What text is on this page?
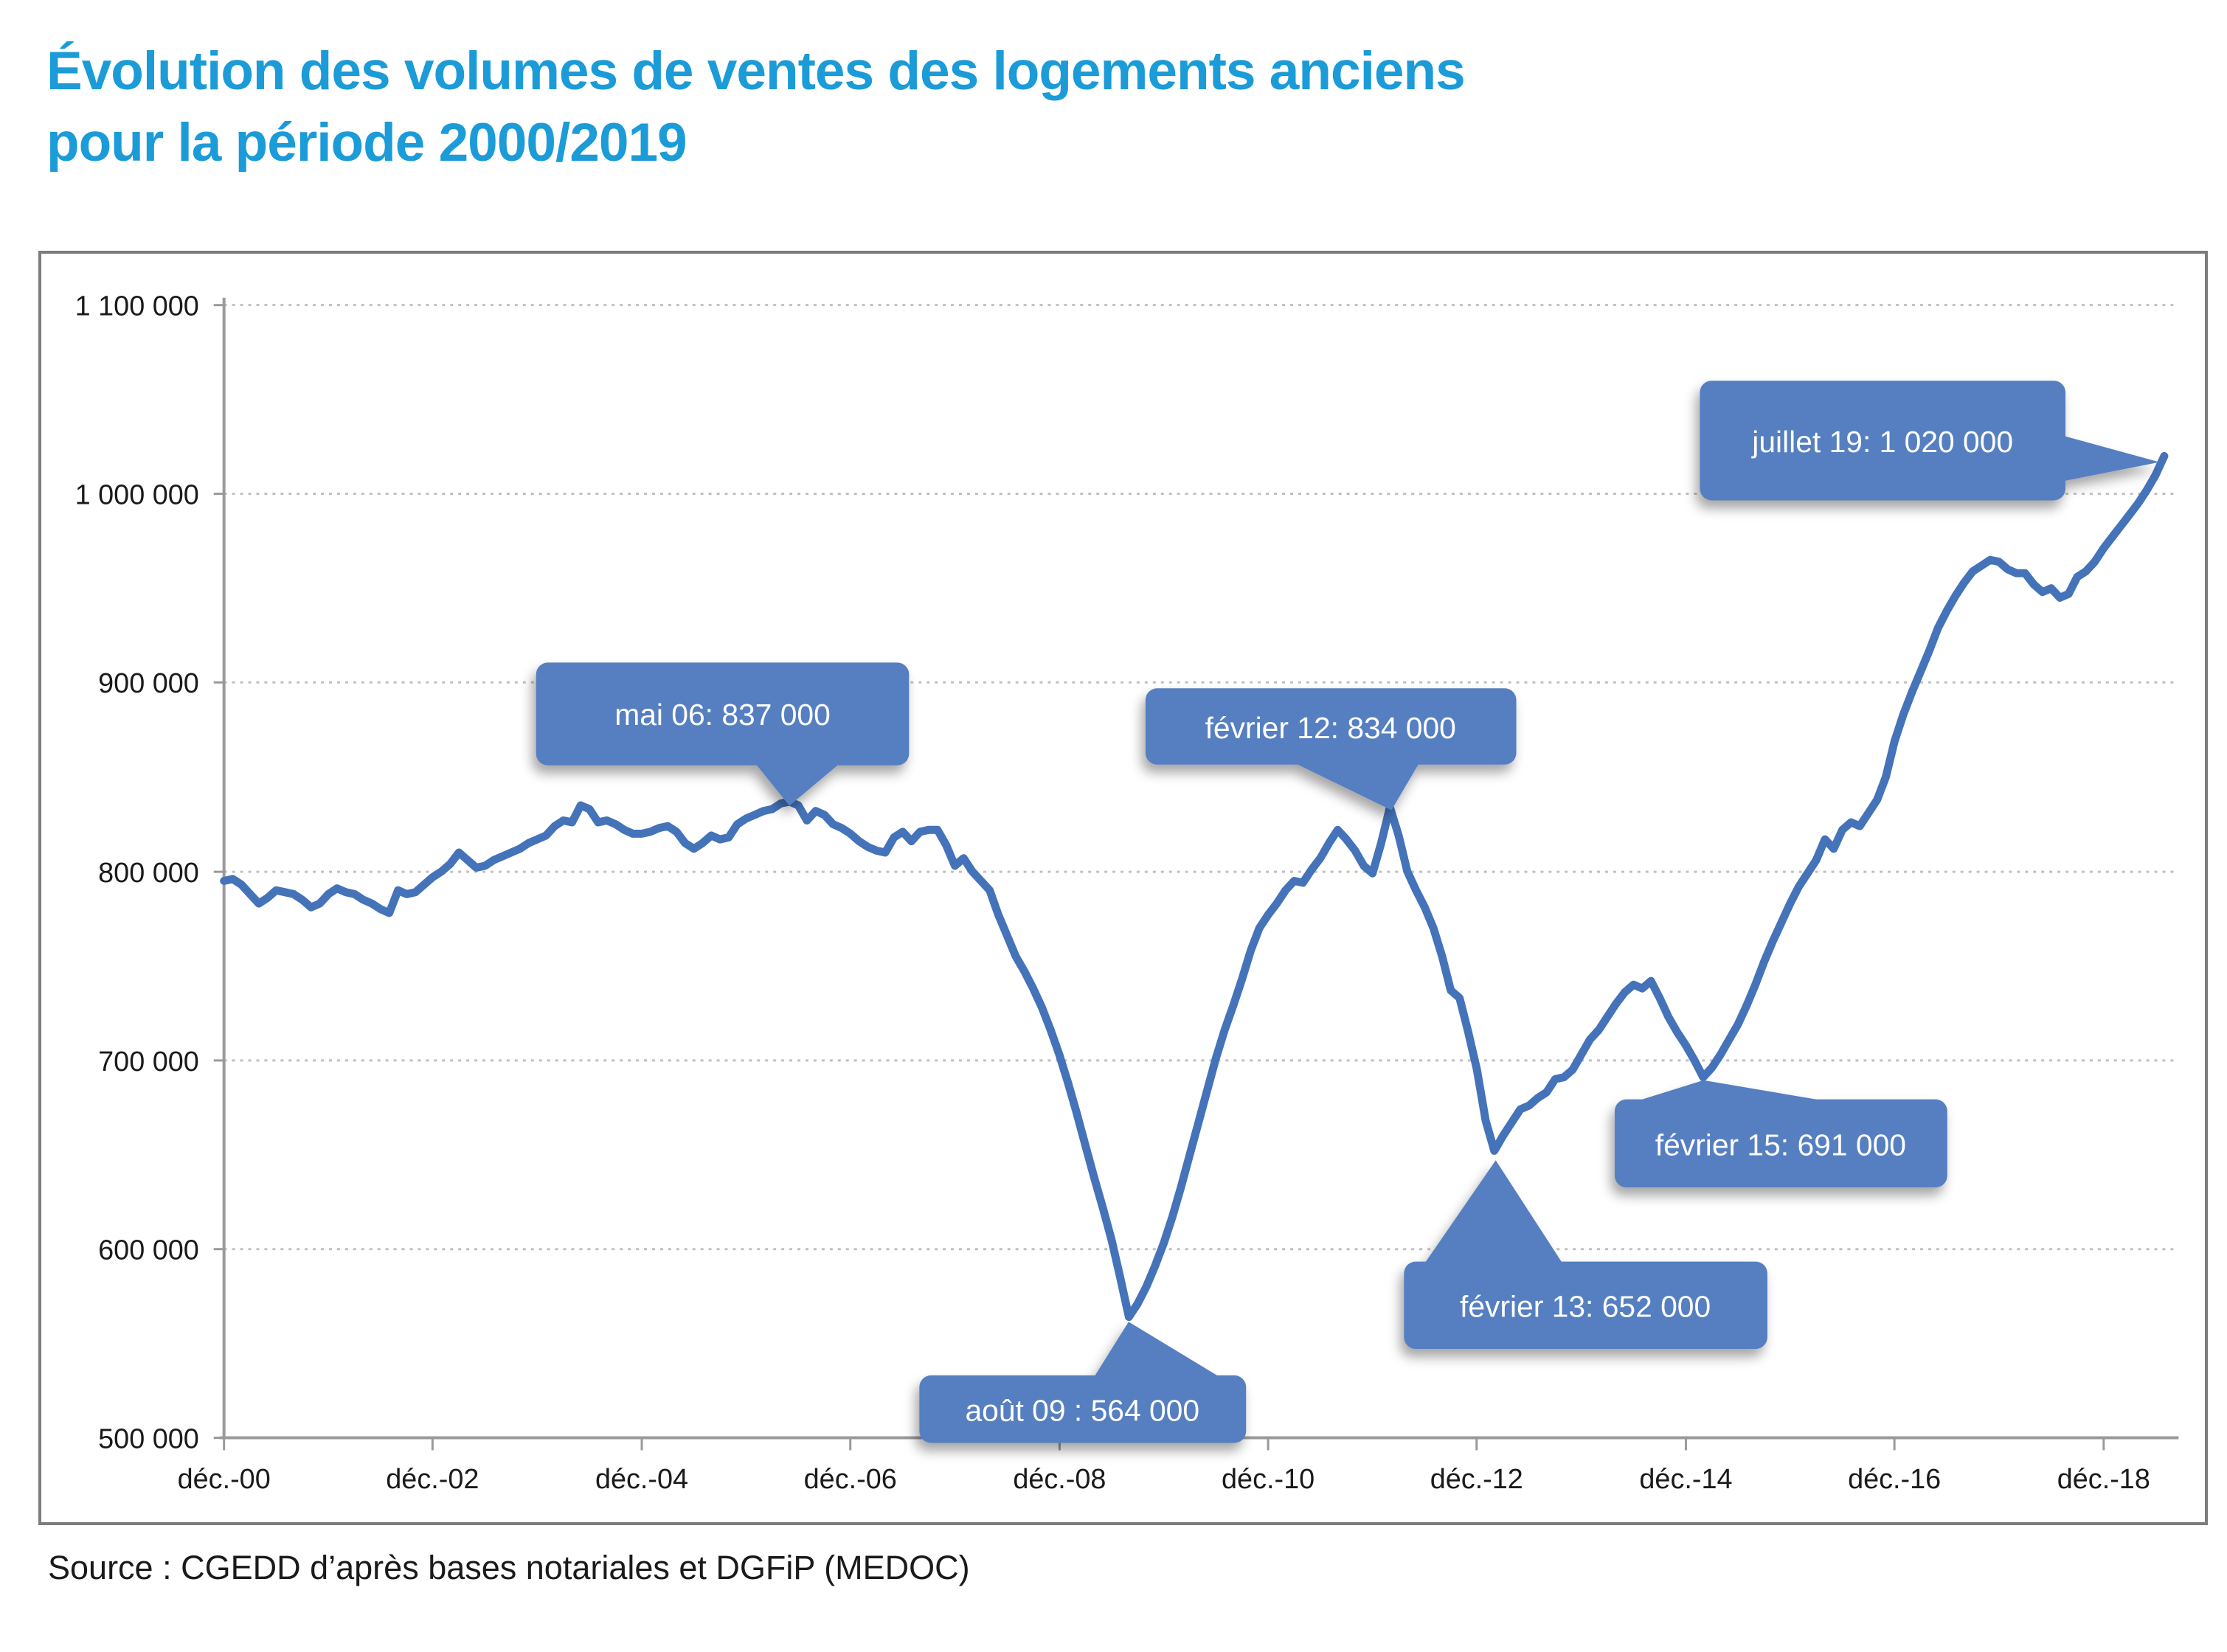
Évolution des volumes de ventes des logements anciens
pour la période 2000/2019
1 100 000
1 000 000
900 000
800 000
700 000
600 000
500 000
déc.-00	déc.-02	déc.-04	déc.-06	déc.-08	déc.-10	déc.-12	déc.-14	déc.-16	déc.-18
mai 06: 837 000	février 12: 834 000
juillet 19: 1 020 000
février 13: 652 000
février 15: 691 000
août 09 : 564 000
Source : CGEDD d’après bases notariales et DGFiP (MEDOC)
